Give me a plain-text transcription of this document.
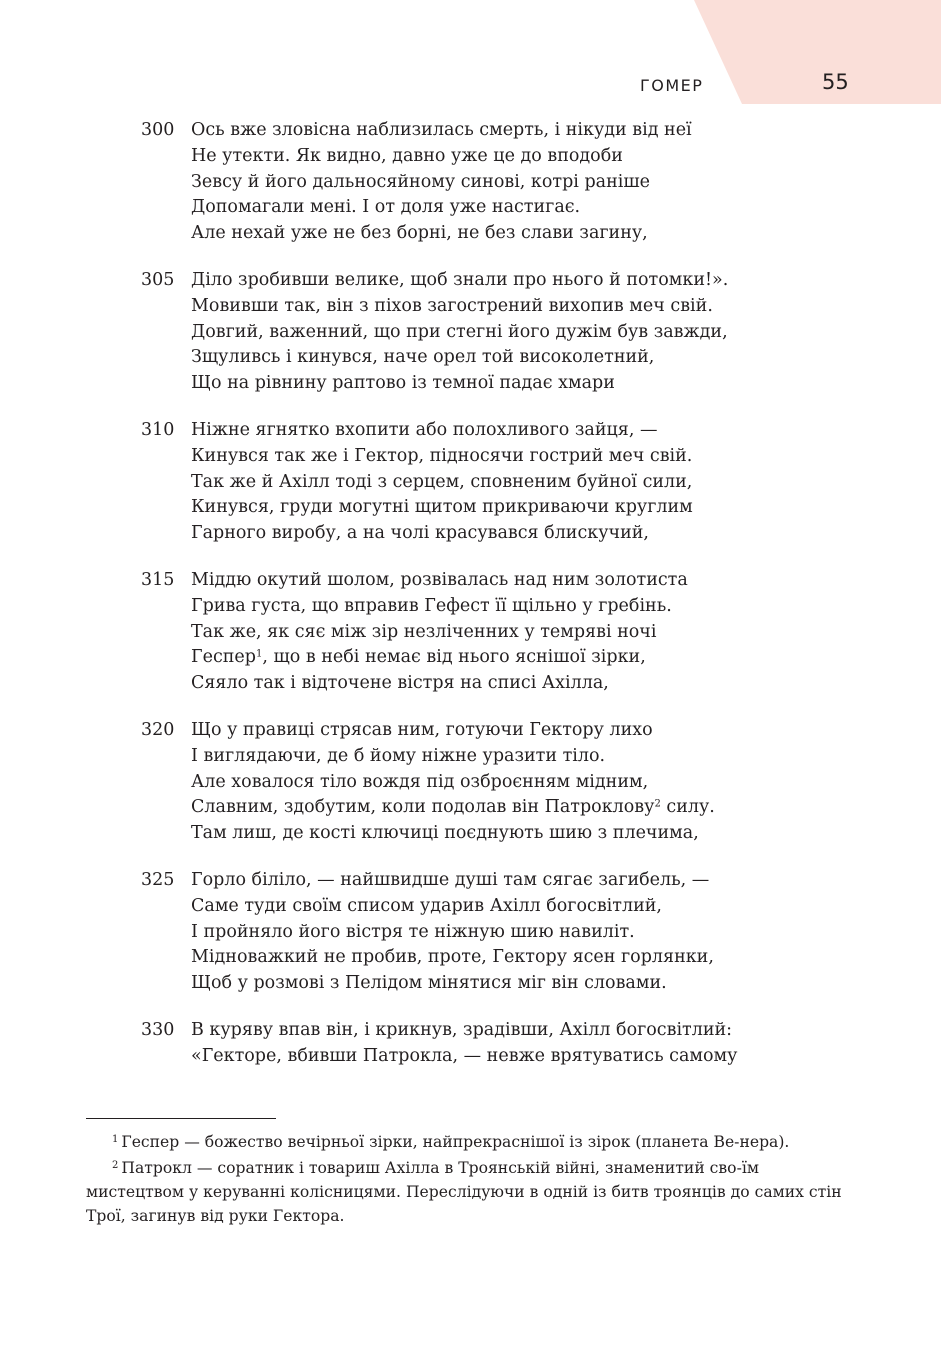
ГОМЕР	55
300 Ось вже зловісна наблизилась смерть, і нікуди від неї
Не утекти. Як видно, давно уже це до вподоби
Зевсу й його дальносяйному синові, котрі раніше
Допомагали мені. І от доля уже настигає.
Але нехай уже не без борні, не без слави загину,
305 Діло зробивши велике, щоб знали про нього й потомки!».
Мовивши так, він з піхов загострений вихопив меч свій.
Довгий, важенний, що при стегні його дужім був завжди,
Зщуливсь і кинувся, наче орел той високолетний,
Що на рівнину раптово із темної падає хмари
310 Ніжне ягнятко вхопити або полохливого зайця, —
Кинувся так же і Гектор, підносячи гострий меч свій.
Так же й Ахілл тоді з серцем, сповненим буйної сили,
Кинувся, груди могутні щитом прикриваючи круглим
Гарного виробу, а на чолі красувався блискучий,
315 Міддю окутий шолом, розвівалась над ним золотиста
Грива густа, що вправив Гефест її щільно у гребінь.
Так же, як сяє між зір незліченних у темряві ночі
Геспер$^1$, що в небі немає від нього яснішої зірки,
Сяяло так і відточене вістря на списі Ахілла,
320 Що у правиці стрясав ним, готуючи Гектору лихо
І виглядаючи, де б йому ніжне уразити тіло.
Але ховалося тіло вождя під озброєнням мідним,
Славним, здобутим, коли подолав він Патроклову$^2$ силу.
Там лиш, де кості ключиці поєднують шию з плечима,
325 Горло біліло, — найшвидше душі там сягає загибель, —
Саме туди своїм списом ударив Ахілл богосвітлий,
І пройняло його вістря те ніжную шию навиліт.
Мідноважкий не пробив, проте, Гектору ясен горлянки,
Щоб у розмові з Пелідом мінятися міг він словами.
330 В куряву впав він, і крикнув, зрадівши, Ахілл богосвітлий:
«Гекторе, вбивши Патрокла, — невже врятуватись самому

$^1$ Геспер — божество вечірньої зірки, найпрекраснішої із зірок (планета Ве-нера).

$^2$ Патрокл — соратник і товариш Ахілла в Троянській війні, знаменитий сво-їм мистецтвом у керуванні колісницями. Переслідуючи в одній із битв троянців до самих стін Трої, загинув від руки Гектора.
